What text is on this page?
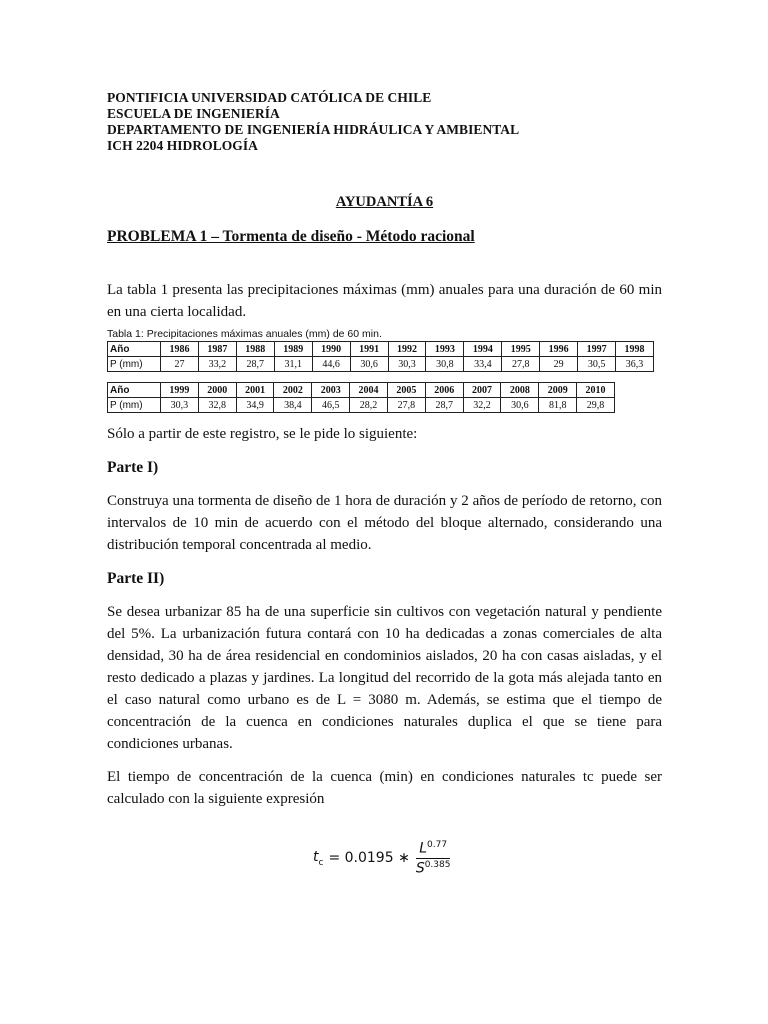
PONTIFICIA UNIVERSIDAD CATÓLICA DE CHILE
ESCUELA DE INGENIERÍA
DEPARTAMENTO DE INGENIERÍA HIDRÁULICA Y AMBIENTAL
ICH 2204 HIDROLOGÍA
AYUDANTÍA 6
PROBLEMA 1 – Tormenta de diseño - Método racional

La tabla 1 presenta las precipitaciones máximas (mm) anuales para una duración de 60 min en una cierta localidad.

Tabla 1: Precipitaciones máximas anuales (mm) de 60 min.
Año	1986	1987	1988	1989	1990	1991	1992	1993	1994	1995	1996	1997	1998
P (mm)	27	33,2	28,7	31,1	44,6	30,6	30,3	30,8	33,4	27,8	29	30,5	36,3
Año	1999	2000	2001	2002	2003	2004	2005	2006	2007	2008	2009	2010
P (mm)	30,3	32,8	34,9	38,4	46,5	28,2	27,8	28,7	32,2	30,6	81,8	29,8

Sólo a partir de este registro, se le pide lo siguiente:

Parte I)

Construya una tormenta de diseño de 1 hora de duración y 2 años de período de retorno, con intervalos de 10 min de acuerdo con el método del bloque alternado, considerando una distribución temporal concentrada al medio.

Parte II)

Se desea urbanizar 85 ha de una superficie sin cultivos con vegetación natural y pendiente del 5%. La urbanización futura contará con 10 ha dedicadas a zonas comerciales de alta densidad, 30 ha de área residencial en condominios aislados, 20 ha con casas aisladas, y el resto dedicado a plazas y jardines. La longitud del recorrido de la gota más alejada tanto en el caso natural como urbano es de L = 3080 m. Además, se estima que el tiempo de concentración de la cuenca en condiciones naturales duplica el que se tiene para condiciones urbanas.

El tiempo de concentración de la cuenca (min) en condiciones naturales tc puede ser calculado con la siguiente expresión

$t_c = 0.0195$ ∗ $\frac{L^{0.77}}{S^{0.385}}$
